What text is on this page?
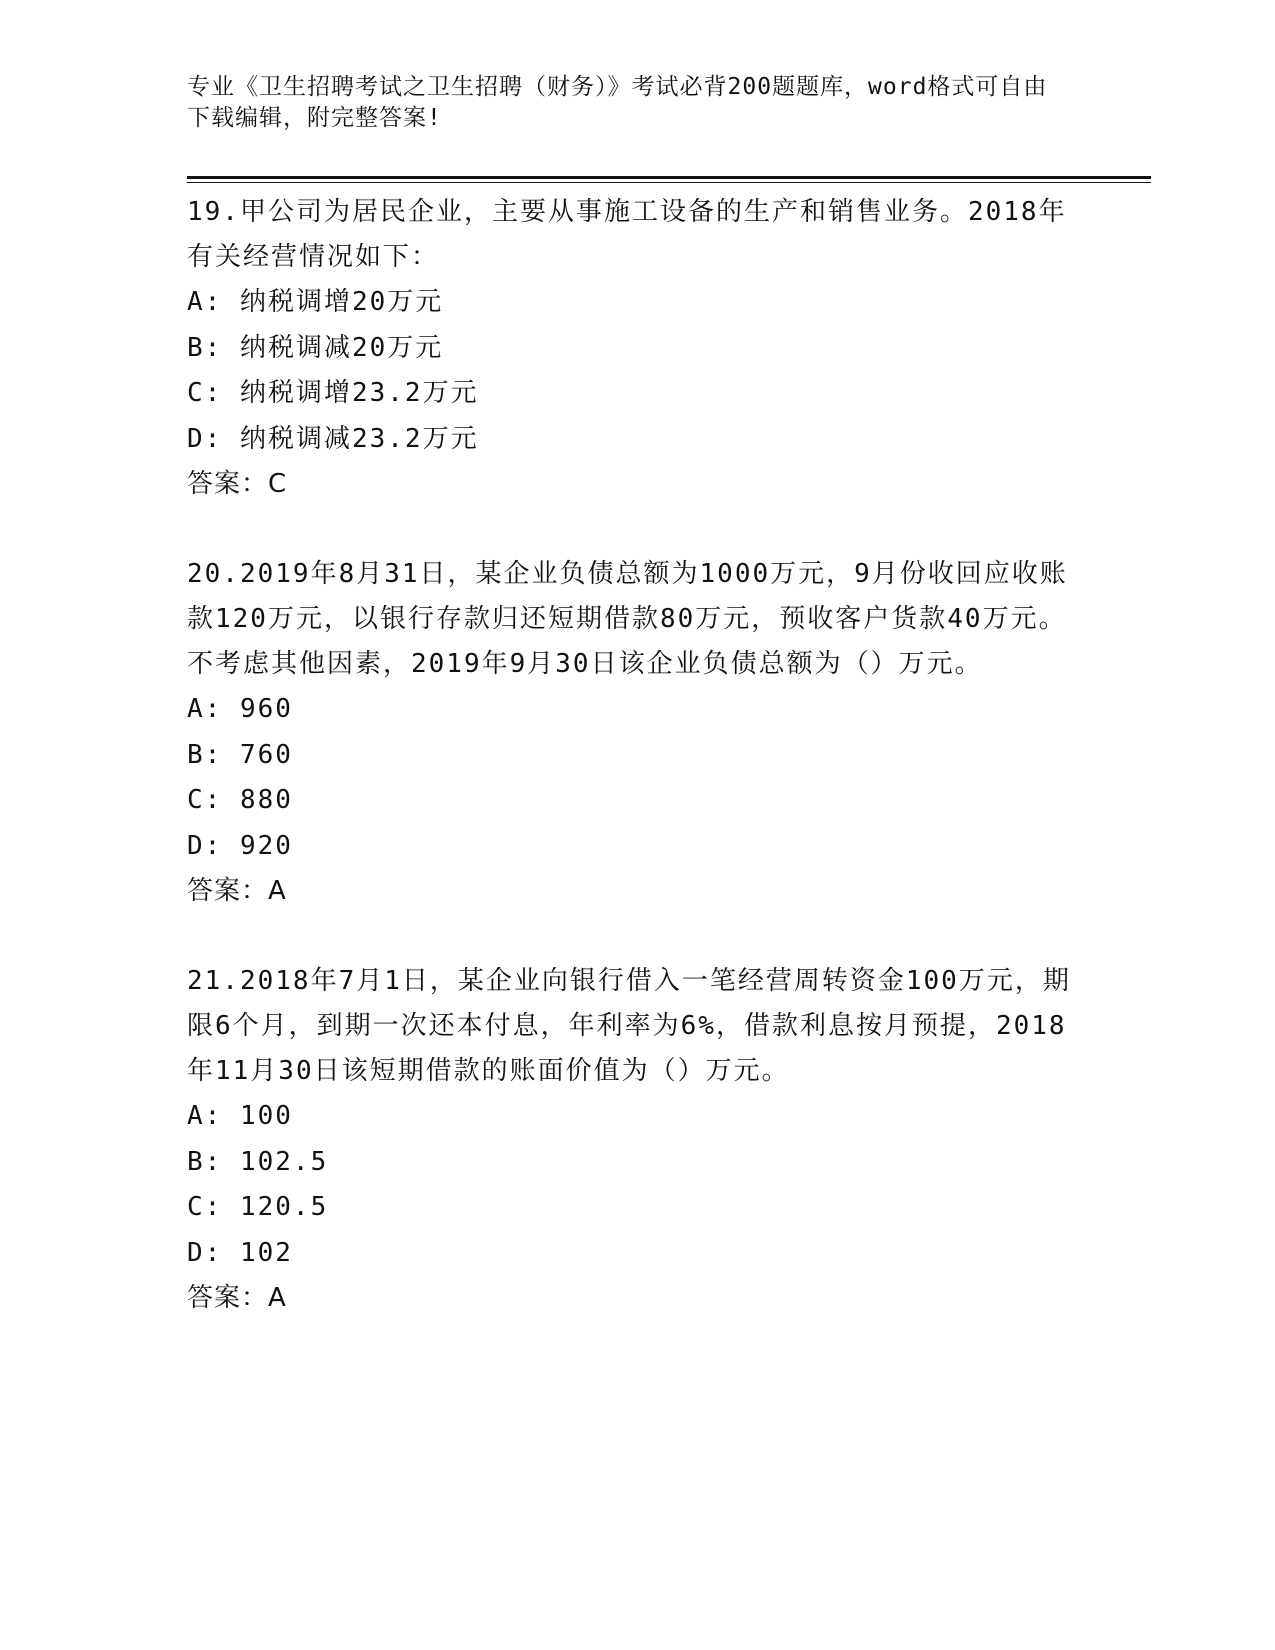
专业《卫生招聘考试之卫生招聘（财务）》考试必背200题题库，word格式可自由下载编辑，附完整答案!

19.甲公司为居民企业，主要从事施工设备的生产和销售业务。2018年有关经营情况如下：

A: 纳税调增20万元

B: 纳税调减20万元

C: 纳税调增23.2万元

D: 纳税调减23.2万元

答案：C

20.2019年8月31日，某企业负债总额为1000万元，9月份收回应收账款120万元，以银行存款归还短期借款80万元，预收客户货款40万元。不考虑其他因素，2019年9月30日该企业负债总额为（）万元。

A: 960

B: 760

C: 880

D: 920

答案：A

21.2018年7月1日，某企业向银行借入一笔经营周转资金100万元，期限6个月，到期一次还本付息，年利率为6%，借款利息按月预提，2018年11月30日该短期借款的账面价值为（）万元。

A: 100

B: 102.5

C: 120.5

D: 102

答案：A
